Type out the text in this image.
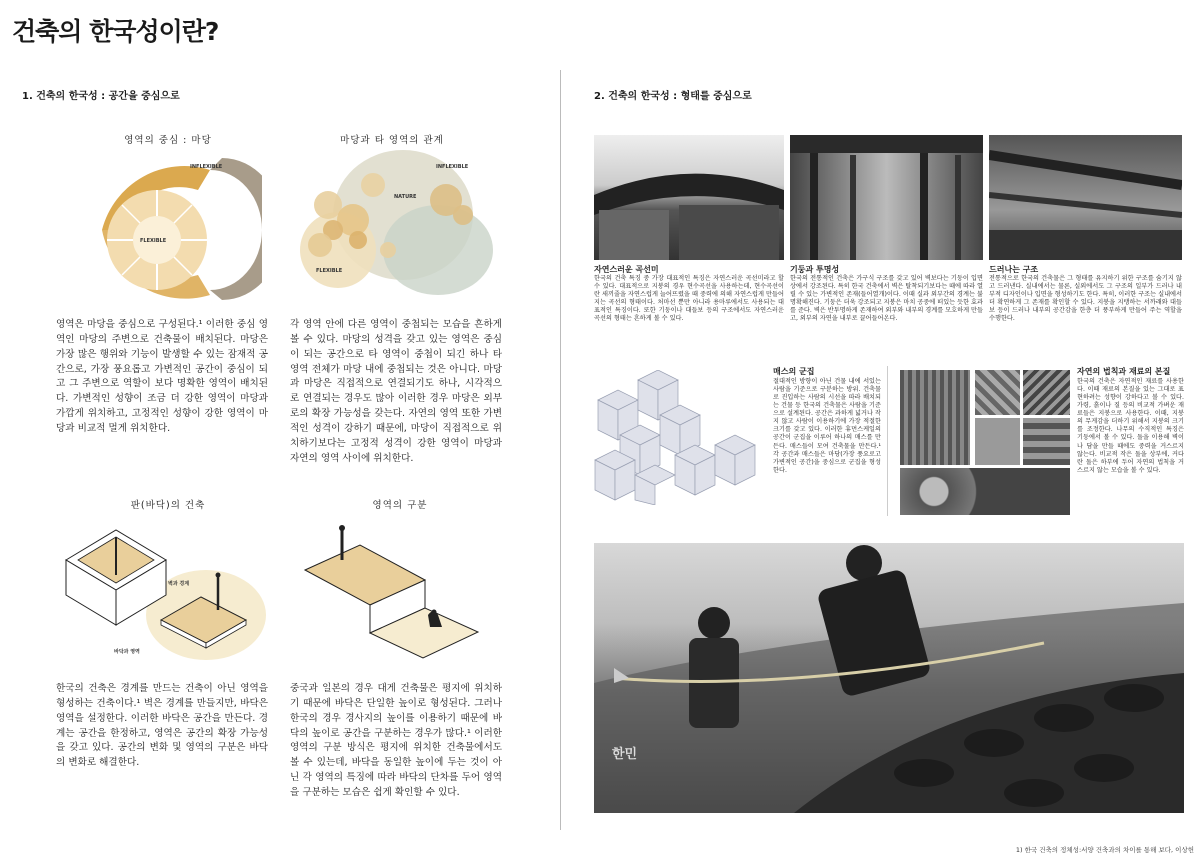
건축의 한국성이란?
1. 건축의 한국성 : 공간을 중심으로
영역의 중심 : 마당
INFLEXIBLE
FLEXIBLE
마당과 타 영역의 관계
INFLEXIBLE
NATURE
FLEXIBLE
영역은 마당을 중심으로 구성된다.¹ 이러한 중심 영역인 마당의 주변으로 건축물이 배치된다. 마당은 가장 많은 행위와 기능이 발생할 수 있는 잠재적 공간으로, 가장 풍요롭고 가변적인 공간이 중심이 되고 그 주변으로 역할이 보다 명확한 영역이 배치된다. 가변적인 성향이 조금 더 강한 영역이 마당과 가깝게 위치하고, 고정적인 성향이 강한 영역이 마당과 비교적 멀게 위치한다.
각 영역 안에 다른 영역이 중첩되는 모습을 흔하게 볼 수 있다. 마당의 성격을 갖고 있는 영역은 중심이 되는 공간으로 타 영역이 중첩이 되긴 하나 타 영역 전체가 마당 내에 중첩되는 것은 아니다. 마당과 마당은 직접적으로 연결되기도 하나, 시각적으로 연결되는 경우도 많아 이러한 경우 마당은 외부로의 확장 가능성을 갖는다. 자연의 영역 또한 가변적인 성격이 강하기 때문에, 마당이 직접적으로 위치하기보다는 고정적 성격이 강한 영역이 마당과 자연의 영역 사이에 위치한다.
판(바닥)의 건축
벽과 경계
바닥과 영역
영역의 구분
한국의 건축은 경계를 만드는 건축이 아닌 영역을 형성하는 건축이다.¹ 벽은 경계를 만들지만, 바닥은 영역을 설정한다. 이러한 바닥은 공간을 만든다. 경계는 공간을 한정하고, 영역은 공간의 확장 가능성을 갖고 있다. 공간의 변화 및 영역의 구분은 바닥의 변화로 해결한다.
중국과 일본의 경우 대게 건축물은 평지에 위치하기 때문에 바닥은 단일한 높이로 형성된다. 그러나 한국의 경우 경사지의 높이를 이용하기 때문에 바닥의 높이로 공간을 구분하는 경우가 많다.¹ 이러한 영역의 구분 방식은 평지에 위치한 건축물에서도 볼 수 있는데, 바닥을 동일한 높이에 두는 것이 아닌 각 영역의 특징에 따라 바닥의 단차를 두어 영역을 구분하는 모습은 쉽게 확인할 수 있다.
2. 건축의 한국성 : 형태를 중심으로
자연스러운 곡선미
한국의 건축 특징 중 가장 대표적인 특징은 자연스러운 곡선미라고 할 수 있다. 대표적으로 지붕의 경우 현수곡선을 사용하는데, 현수곡선이란 새끼줄을 자연스럽게 늘어뜨렸을 때 중력에 의해 자연스럽게 만들어지는 곡선의 형태이다. 처마선 뿐만 아니라 용마루에서도 사용되는 대표적인 특징이다. 또한 기둥이나 대들보 등의 구조에서도 자연스러운 곡선의 형태는 흔하게 볼 수 있다.
기둥과 투명성
한국의 전통적인 건축은 가구식 구조를 갖고 있어 벽보다는 기둥이 입면 상에서 강조된다. 특히 한국 건축에서 벽은 탈착되기보다는 때에 따라 열릴 수 있는 가변적인 존재(들어열개)이다. 이때 실과 외부간의 경계는 불명확해진다. 기둥은 더욱 강조되고 지붕은 마치 공중에 떠있는 듯한 효과를 준다. 벽은 반투명하게 존재하여 외부와 내부의 경계를 모호하게 만들고, 외부의 자연을 내부로 끌어들어온다.
드러나는 구조
전통적으로 한국의 건축물은 그 형태를 유지하기 위한 구조를 숨기지 않고 드러낸다. 실내에서는 물론, 실외에서도 그 구조의 일부가 드러나 내부적 디자인이나 입면을 형성하기도 한다. 특히, 이러한 구조는 실내에서 더 확연하게 그 존재를 확인할 수 있다. 지붕을 지탱하는 서까래와 대들보 등이 드러나 내부의 공간감을 한층 더 풍부하게 만들어 주는 역할을 수행한다.
매스의 군집
절대적인 방향이 아닌 건물 내에 서있는 사람을 기준으로 구분하는 방위. 건축물로 진입하는 사람의 시선을 따라 배치되는 건물 등 한국의 건축물은 사람을 기준으로 설계된다. 공간은 과하게 넓거나 작지 않고 사람이 이용하기에 가장 적절한 크기를 갖고 있다. 이러한 휴먼스케일의 공간이 군집을 이루어 하나의 매스를 만든다. 매스들이 모여 건축물을 만든다.¹ 각 공간과 매스들은 마당(가장 풍요로고 가변적인 공간)을 중심으로 군집을 형성한다.
자연의 법칙과 재료의 본질
한국의 건축은 자연적인 재료를 사용한다. 이때 재료의 본질을 있는 그대로 표현하려는 성향이 강하다고 볼 수 있다. 가령, 흙이나 질 등의 비교적 가벼운 재료들은 지붕으로 사용한다. 이때, 지붕의 무게감을 더하기 위해서 지붕의 크기를 조정한다. 나무의 수직적인 특징은 기둥에서 볼 수 있다. 돌을 이용해 벽이나 담을 만들 때에도 중력을 거스르지 않는다. 비교적 작은 돌을 상부에, 커다란 돌은 하부에 두어 자연의 법칙을 거스르지 않는 모습을 볼 수 있다.
한민
1) 한국 건축의 정체성:서양 건축과의 차이를 통해 보다, 이상헌
